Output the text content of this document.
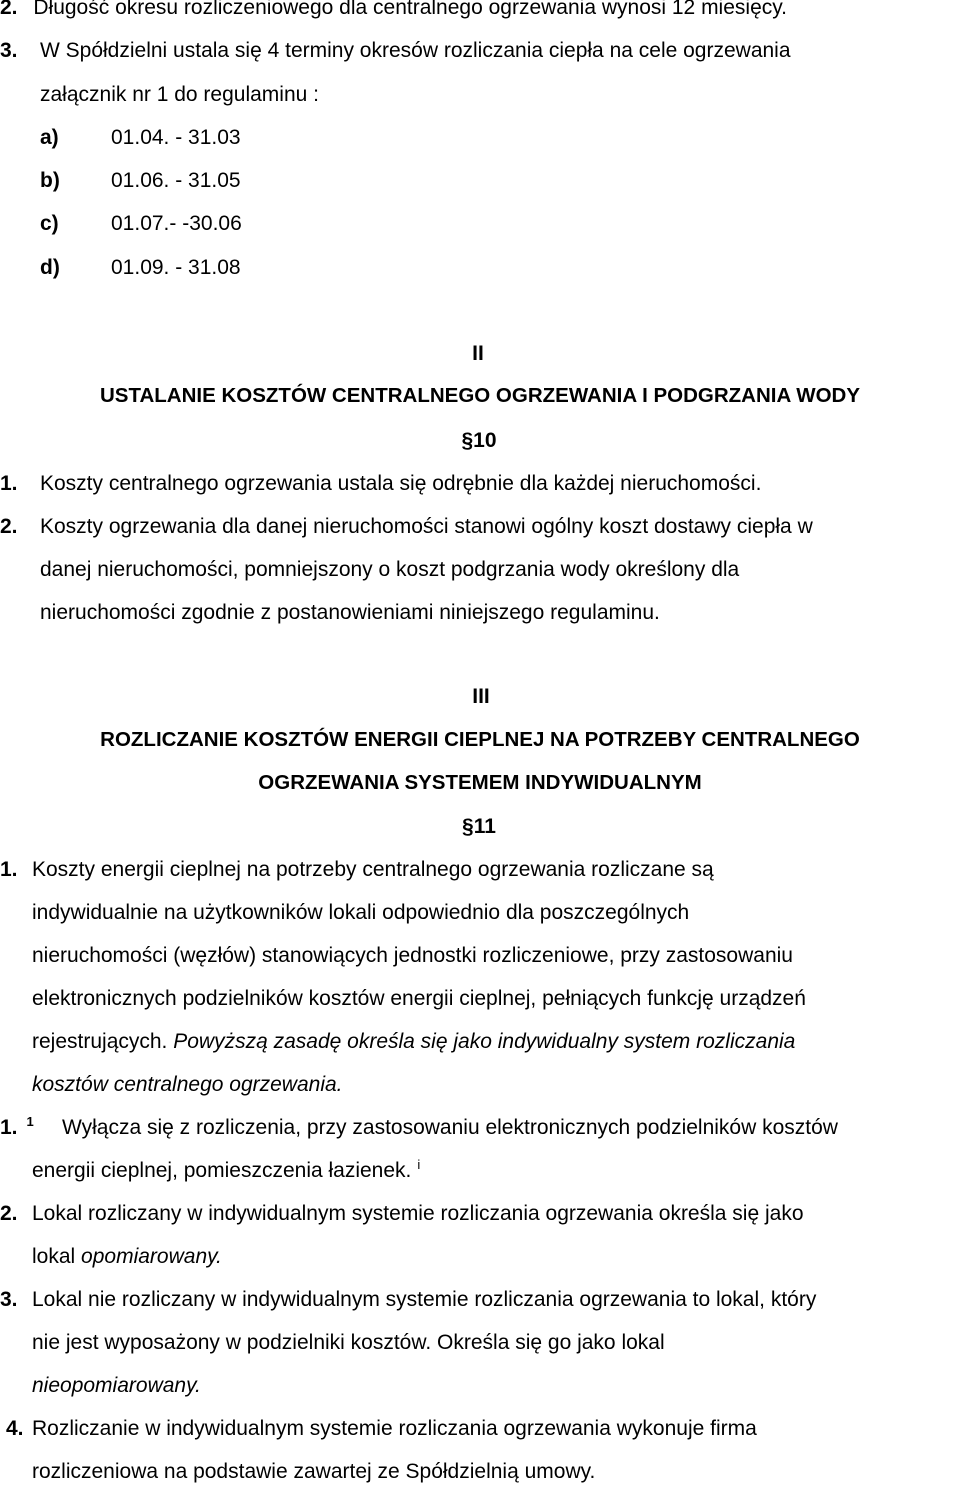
2. Długość okresu rozliczeniowego dla centralnego ogrzewania wynosi 12 miesięcy.
3. W Spółdzielni ustala się 4 terminy okresów rozliczania ciepła na cele ogrzewania
załącznik nr 1 do regulaminu :
a) 01.04. - 31.03
b) 01.06. - 31.05
c) 01.07.- -30.06
d) 01.09. - 31.08
II
USTALANIE KOSZTÓW CENTRALNEGO OGRZEWANIA I PODGRZANIA WODY
§10
1. Koszty centralnego ogrzewania ustala się odrębnie dla każdej nieruchomości.
2. Koszty ogrzewania dla danej nieruchomości stanowi ogólny koszt dostawy ciepła w
danej nieruchomości, pomniejszony o koszt podgrzania wody określony dla
nieruchomości zgodnie z postanowieniami niniejszego regulaminu.
III
ROZLICZANIE KOSZTÓW ENERGII CIEPLNEJ NA POTRZEBY CENTRALNEGO
OGRZEWANIA SYSTEMEM INDYWIDUALNYM
§11
1. Koszty energii cieplnej na potrzeby centralnego ogrzewania rozliczane są
indywidualnie na użytkowników lokali odpowiednio dla poszczególnych
nieruchomości (węzłów) stanowiących jednostki rozliczeniowe, przy zastosowaniu
elektronicznych podzielników kosztów energii cieplnej, pełniących funkcję urządzeń
rejestrujących. Powyższą zasadę określa się jako indywidualny system rozliczania
kosztów centralnego ogrzewania.
1. $^1$ Wyłącza się z rozliczenia, przy zastosowaniu elektronicznych podzielników kosztów
energii cieplnej, pomieszczenia łazienek. $^i$
2. Lokal rozliczany w indywidualnym systemie rozliczania ogrzewania określa się jako
lokal opomiarowany.
3. Lokal nie rozliczany w indywidualnym systemie rozliczania ogrzewania to lokal, który
nie jest wyposażony w podzielniki kosztów. Określa się go jako lokal
nieopomiarowany.
4. Rozliczanie w indywidualnym systemie rozliczania ogrzewania wykonuje firma
rozliczeniowa na podstawie zawartej ze Spółdzielnią umowy.
